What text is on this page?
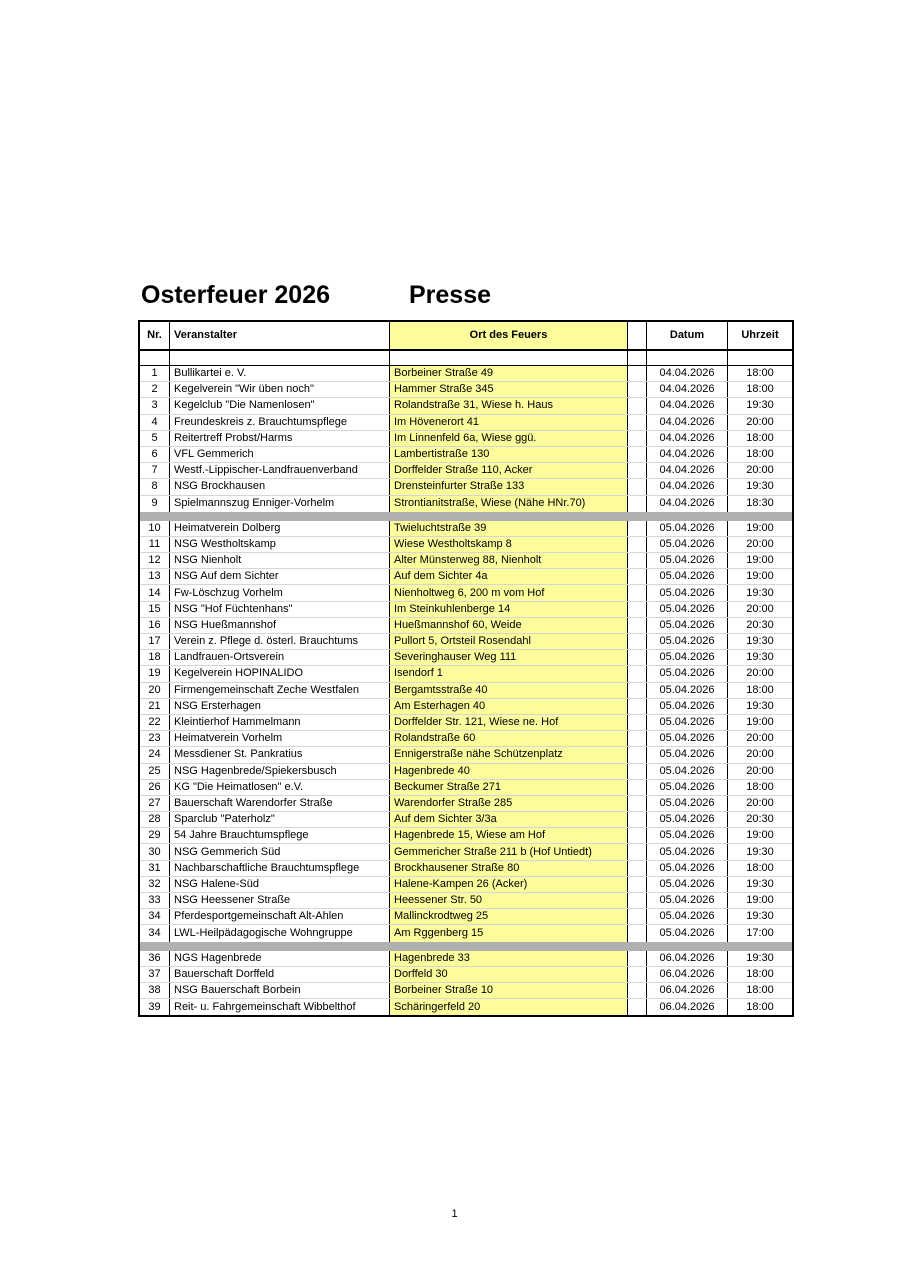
Osterfeuer 2026	Presse
Nr.	Veranstalter	Ort des Feuers	Datum	Uhrzeit
1	Bullikartei e. V.	Borbeiner Straße 49	04.04.2026	18:00
2	Kegelverein "Wir üben noch"	Hammer Straße 345	04.04.2026	18:00
3	Kegelclub "Die Namenlosen"	Rolandstraße 31, Wiese h. Haus	04.04.2026	19:30
4	Freundeskreis z. Brauchtumspflege	Im Hövenerort 41	04.04.2026	20:00
5	Reitertreff Probst/Harms	Im Linnenfeld 6a, Wiese ggü.	04.04.2026	18:00
6	VFL Gemmerich	Lambertistraße 130	04.04.2026	18:00
7	Westf.-Lippischer-Landfrauenverband	Dorffelder Straße 110, Acker	04.04.2026	20:00
8	NSG Brockhausen	Drensteinfurter Straße 133	04.04.2026	19:30
9	Spielmannszug Enniger-Vorhelm	Strontianitstraße, Wiese (Nähe HNr.70)	04.04.2026	18:30
10	Heimatverein Dolberg	Twieluchtstraße 39	05.04.2026	19:00
11	NSG Westholtskamp	Wiese Westholtskamp 8	05.04.2026	20:00
12	NSG Nienholt	Alter Münsterweg 88, Nienholt	05.04.2026	19:00
13	NSG Auf dem Sichter	Auf dem Sichter 4a	05.04.2026	19:00
14	Fw-Löschzug Vorhelm	Nienholtweg 6, 200 m vom Hof	05.04.2026	19:30
15	NSG "Hof Füchtenhans"	Im Steinkuhlenberge 14	05.04.2026	20:00
16	NSG Hueßmannshof	Hueßmannshof 60, Weide	05.04.2026	20:30
17	Verein z. Pflege d. österl. Brauchtums	Pullort 5, Ortsteil Rosendahl	05.04.2026	19:30
18	Landfrauen-Ortsverein	Severinghauser Weg 111	05.04.2026	19:30
19	Kegelverein HOPINALIDO	Isendorf 1	05.04.2026	20:00
20	Firmengemeinschaft Zeche Westfalen	Bergamtsstraße 40	05.04.2026	18:00
21	NSG Ersterhagen	Am Esterhagen 40	05.04.2026	19:30
22	Kleintierhof Hammelmann	Dorffelder Str. 121, Wiese ne. Hof	05.04.2026	19:00
23	Heimatverein Vorhelm	Rolandstraße 60	05.04.2026	20:00
24	Messdiener St. Pankratius	Ennigerstraße nähe Schützenplatz	05.04.2026	20:00
25	NSG Hagenbrede/Spiekersbusch	Hagenbrede 40	05.04.2026	20:00
26	KG "Die Heimatlosen" e.V.	Beckumer Straße 271	05.04.2026	18:00
27	Bauerschaft Warendorfer Straße	Warendorfer Straße 285	05.04.2026	20:00
28	Sparclub "Paterholz"	Auf dem Sichter 3/3a	05.04.2026	20:30
29	54 Jahre Brauchtumspflege	Hagenbrede 15, Wiese am Hof	05.04.2026	19:00
30	NSG Gemmerich Süd	Gemmericher Straße 211 b (Hof Untiedt)	05.04.2026	19:30
31	Nachbarschaftliche Brauchtumspflege	Brockhausener Straße 80	05.04.2026	18:00
32	NSG Halene-Süd	Halene-Kampen 26 (Acker)	05.04.2026	19:30
33	NSG Heessener Straße	Heessener Str. 50	05.04.2026	19:00
34	Pferdesportgemeinschaft Alt-Ahlen	Mallinckrodtweg 25	05.04.2026	19:30
34	LWL-Heilpädagogische Wohngruppe	Am Rggenberg 15	05.04.2026	17:00
36	NGS Hagenbrede	Hagenbrede 33	06.04.2026	19:30
37	Bauerschaft Dorffeld	Dorffeld 30	06.04.2026	18:00
38	NSG Bauerschaft Borbein	Borbeiner Straße 10	06.04.2026	18:00
39	Reit- u. Fahrgemeinschaft Wibbelthof	Schäringerfeld 20	06.04.2026	18:00
1
